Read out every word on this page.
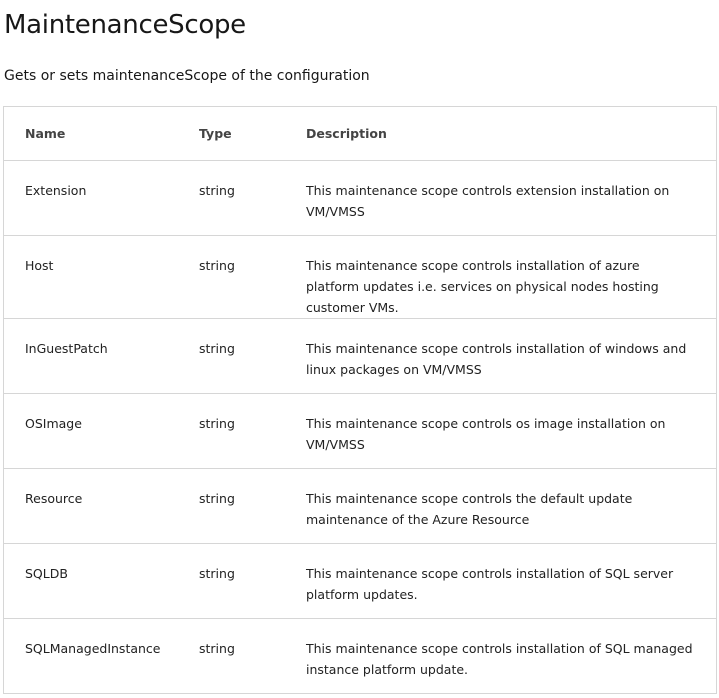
MaintenanceScope
Gets or sets maintenanceScope of the configuration
Name	Type	Description
Extension	string	This maintenance scope controls extension installation on VM/VMSS
Host	string	This maintenance scope controls installation of azure platform updates i.e. services on physical nodes hosting customer VMs.
InGuestPatch	string	This maintenance scope controls installation of windows and linux packages on VM/VMSS
OSImage	string	This maintenance scope controls os image installation on VM/VMSS
Resource	string	This maintenance scope controls the default update maintenance of the Azure Resource
SQLDB	string	This maintenance scope controls installation of SQL server platform updates.
SQLManagedInstance	string	This maintenance scope controls installation of SQL managed instance platform update.
